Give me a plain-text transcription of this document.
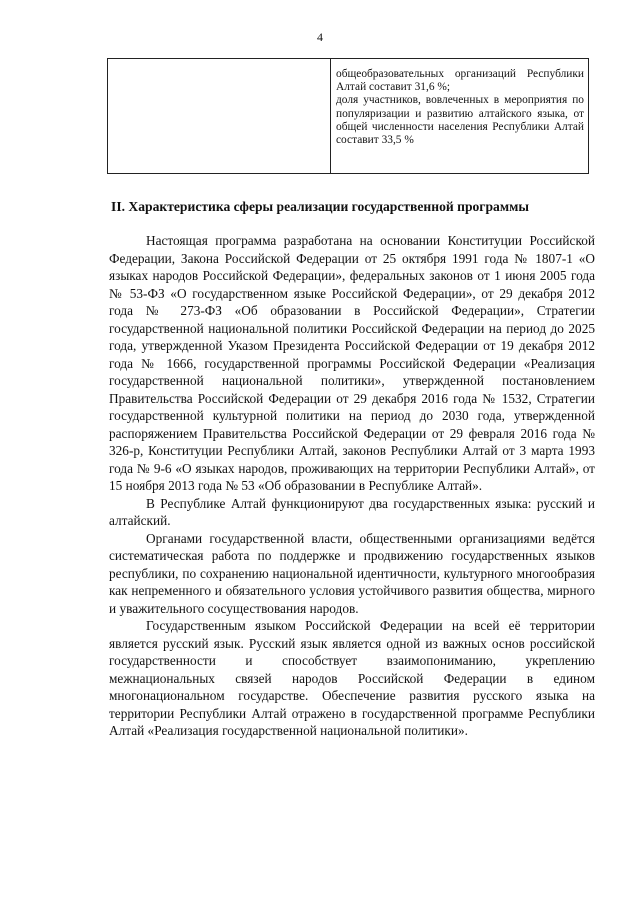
4

общеобразовательных организаций Республики Алтай составит 31,6 %;

доля участников, вовлеченных в мероприятия по популяризации и развитию алтайского языка, от общей численности населения Республики Алтай составит 33,5 %

II. Характеристика сферы реализации государственной программы

Настоящая программа разработана на основании Конституции Российской Федерации, Закона Российской Федерации от 25 октября 1991 года № 1807-1 «О языках народов Российской Федерации», федеральных законов от 1 июня 2005 года № 53-ФЗ «О государственном языке Российской Федерации», от 29 декабря 2012 года № 273-ФЗ «Об образовании в Российской Федерации», Стратегии государственной национальной политики Российской Федерации на период до 2025 года, утвержденной Указом Президента Российской Федерации от 19 декабря 2012 года № 1666, государственной программы Российской Федерации «Реализация государственной национальной политики», утвержденной постановлением Правительства Российской Федерации от 29 декабря 2016 года № 1532, Стратегии государственной культурной политики на период до 2030 года, утвержденной распоряжением Правительства Российской Федерации от 29 февраля 2016 года № 326-р, Конституции Республики Алтай, законов Республики Алтай от 3 марта 1993 года № 9-6 «О языках народов, проживающих на территории Республики Алтай», от 15 ноября 2013 года № 53 «Об образовании в Республике Алтай».

В Республике Алтай функционируют два государственных языка: русский и алтайский.

Органами государственной власти, общественными организациями ведётся систематическая работа по поддержке и продвижению государственных языков республики, по сохранению национальной идентичности, культурного многообразия как непременного и обязательного условия устойчивого развития общества, мирного и уважительного сосуществования народов.

Государственным языком Российской Федерации на всей её территории является русский язык. Русский язык является одной из важных основ российской государственности и способствует взаимопониманию, укреплению межнациональных связей народов Российской Федерации в едином многонациональном государстве. Обеспечение развития русского языка на территории Республики Алтай отражено в государственной программе Республики Алтай «Реализация государственной национальной политики».
